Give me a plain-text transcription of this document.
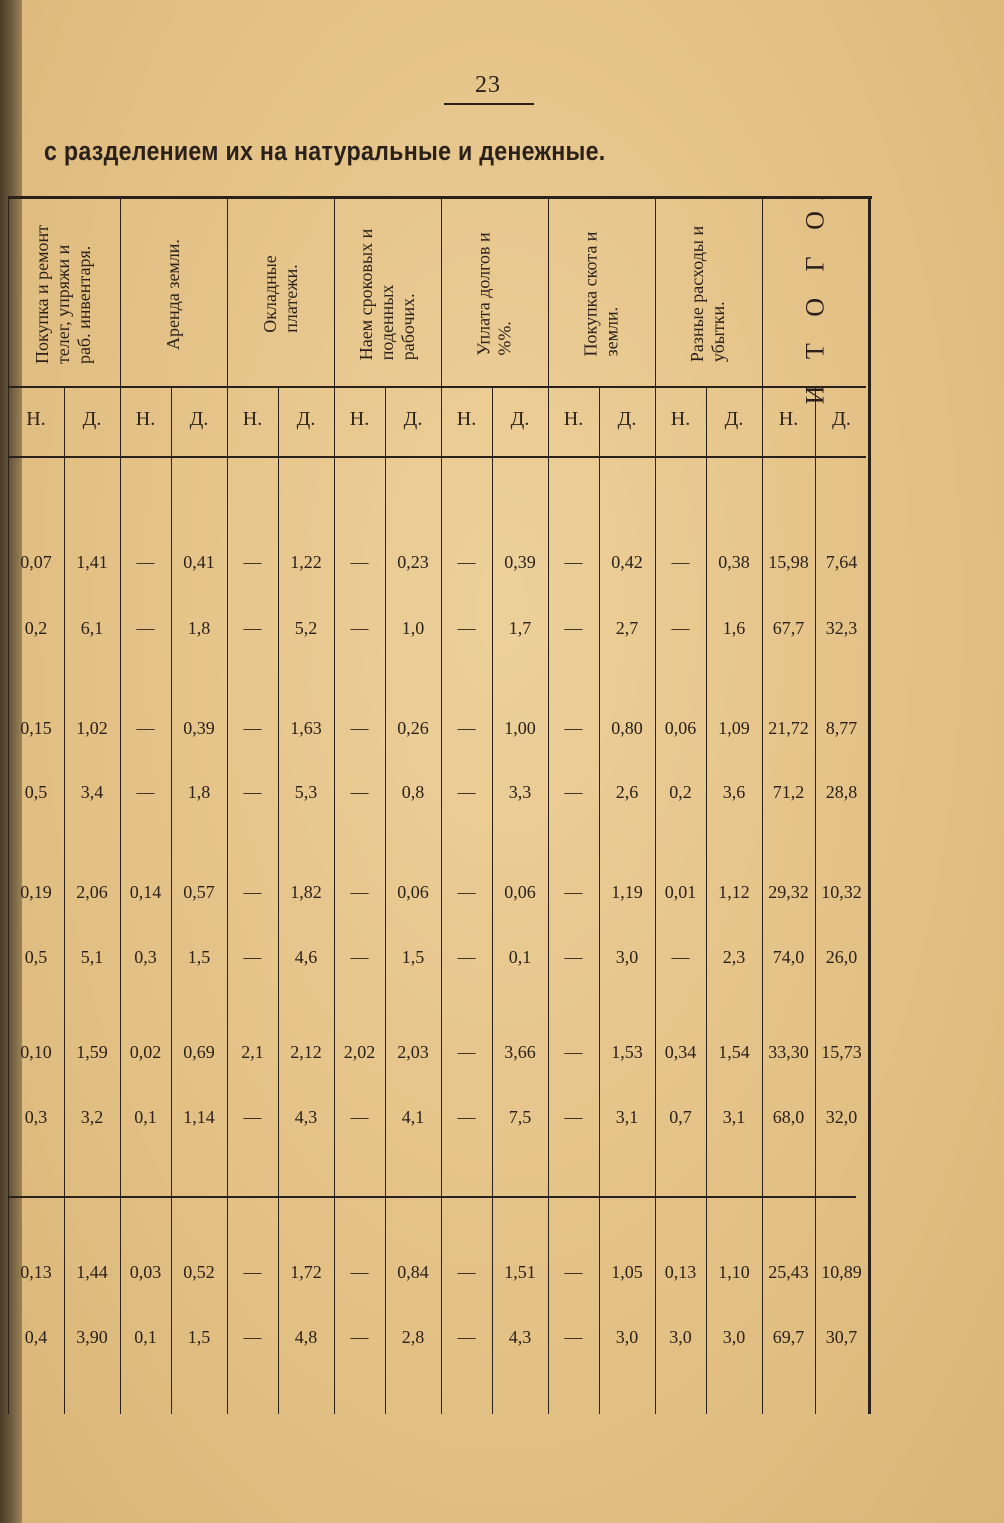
23
с разделением их на натуральные и денежные.
Покупка и ремонт телег, упряжи и раб. инвентаря.	Аренда земли.	Окладные платежи.	Наем сроковых и поденных рабочих.	Уплата долгов и %%.	Покупка скота и земли.	Разные расходы и убытки.	И Т О Г О.
Н.	Д.	Н.	Д.	Н.	Д.	Н.	Д.	Н.	Д.	Н.	Д.	Н.	Д.	Н.	Д.
0,07	1,41	—	0,41	—	1,22	—	0,23	—	0,39	—	0,42	—	0,38	15,98 7,64
0,2	6,1	—	1,8	—	5,2	—	1,0	—	1,7	—	2,7	—	1,6	67,7	32,3
0,15	1,02	—	0,39	—	1,63	—	0,26	—	1,00	—	0,80	0,06	1,09	21,72 8,77
0,5	3,4	—	1,8	—	5,3	—	0,8	—	3,3	—	2,6	0,2	3,6	71,2	28,8
0,19	2,06	0,14	0,57	—	1,82	—	0,06	—	0,06	—	1,19	0,01	1,12	29,32 10,32
0,5	5,1	0,3	1,5	—	4,6	—	1,5	—	0,1	—	3,0	—	2,3	74,0	26,0
0,10	1,59	0,02	0,69	2,1	2,12	2,02	2,03	—	3,66	—	1,53	0,34	1,54	33,30 15,73
0,3	3,2	0,1	1,14	—	4,3	—	4,1	—	7,5	—	3,1	0,7	3,1	68,0	32,0
0,13	1,44	0,03	0,52	—	1,72	—	0,84	—	1,51	—	1,05	0,13	1,10	25,43 10,89
0,4	3,90	0,1	1,5	—	4,8	—	2,8	—	4,3	—	3,0	3,0	3,0	69,7	30,7
